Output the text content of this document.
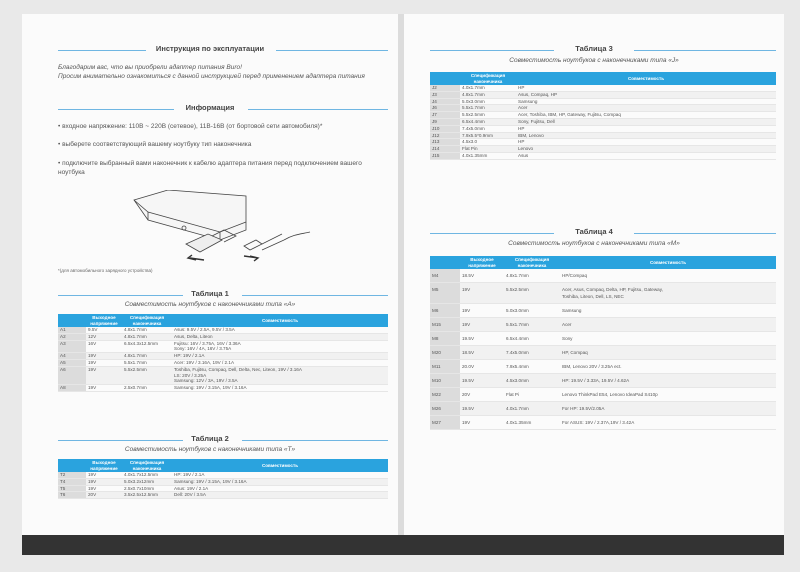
Инструкция по эксплуатации
Благодарим вас, что вы приобрели адаптер питания Buro!
Просим внимательно ознакомиться с данной инструкцией перед применением адаптера питания
Информация
• входное напряжение: 110В ~ 220В (сетевое), 11В-16В (от бортовой сети автомобиля)*
• выберете соответствующий вашему ноутбуку тип наконечника
• подключите выбранный вами наконечник к кабелю адаптера питания перед подключением вашего ноутбука
*(для автомобильного зарядного устройства)
Таблица 1
Совместимость ноутбуков с наконечниками типа «A»
	Выходное напряжение	Спецификация наконечника	Совместимость
A1	9.5V	4.8x1.7mm	Asus: 9.5V / 2.5A, 9.5V / 3.5A
A2	12V	4.8x1.7mm	Asus, Delta, Liteon
A3	16V	6.5x4.3x12.5mm	Fujitsu: 16V / 3.75A, 16V / 3.36A
Sony: 16V / 4A, 16V / 3.75A
A4	19V	4.8x1.7mm	HP: 19V / 2.1A
A5	19V	5.5x1.7mm	Acer: 19V / 3.16A, 19V / 2.1A
A6	19V	5.5x2.5mm	Toshiba, Fujitsu, Compaq, Dell, Delta, Nec, Liteon, 19V / 3.16A
LS: 20V / 3.25A
Samsung: 12V / 3A, 19V / 3.5A
A8	19V	2.5x0.7mm	Samsung: 19V / 3.15A, 19V / 3.16A
Таблица 2
Совместимость ноутбуков с наконечниками типа «T»
	Выходное напряжение	Спецификация наконечника	Совместимость
T2	19V	4.0x1.7x12.5mm	HP: 19V / 2.1A
T4	19V	5.0x3.2x12mm	Samsung: 19V / 3.15A, 19V / 3.16A
T5	19V	2.5x0.7x10mm	Asus: 19V / 2.1A
T6	20V	3.5x2.5x12.5mm	Dell: 20V / 3.5A
Таблица 3
Совместимость ноутбуков с наконечниками типа «J»
	Спецификация наконечника	Совместимость
J2	4.0x1.7mm	HP
J3	4.8x1.7mm	Asus, Compaq, HP
J4	5.0x3.0mm	Samsung
J6	5.5x1.7mm	Acer
J7	5.5x2.5mm	Acer, Toshiba, IBM, HP, Gateway, Fujitsu, Compaq
J9	6.5x4.4mm	Sony, Fujitsu, Dell
J10	7.4x5.0mm	HP
J12	7.9x5.5*0.9mm	IBM, Lenovo
J13	4.5x3.0	HP
J14	Flat Pin	Lenovo
J15	4.0x1.35mm	Asus
Таблица 4
Совместимость ноутбуков с наконечниками типа «M»
	Выходное напряжение	Спецификация наконечника	Совместимость
M4	18.5V	4.8x1.7mm	HP/Compaq
M5	19V	5.5x2.5mm	Acer, Asus, Compaq, Delta, HP, Fujitsu, Gateway,
Toshiba, Liteon, Dell, LS, NEC
M6	19V	5.0x3.0mm	Samsung
M15	19V	5.5x1.7mm	Acer
M8	19.5V	6.5x4.4mm	Sony
M20	18.5V	7.4x5.0mm	HP, Compaq
M11	20.0V	7.9x5.4mm	IBM, Lenovo 20V / 3.25A ect.
M10	19.5V	4.5x3.0mm	HP: 19.5V / 3.33A, 19.5V / 4.62A
M22	20V	Flat Pi	Lenovo ThinkPad E54, Lenovo IdeaPad S410p
M26	19.5V	4.0x1.7mm	For HP: 19.5V/2.05A
M27	19V	4.0x1.35mm	For ASUS: 19V / 2.37A,19V / 3.42A
